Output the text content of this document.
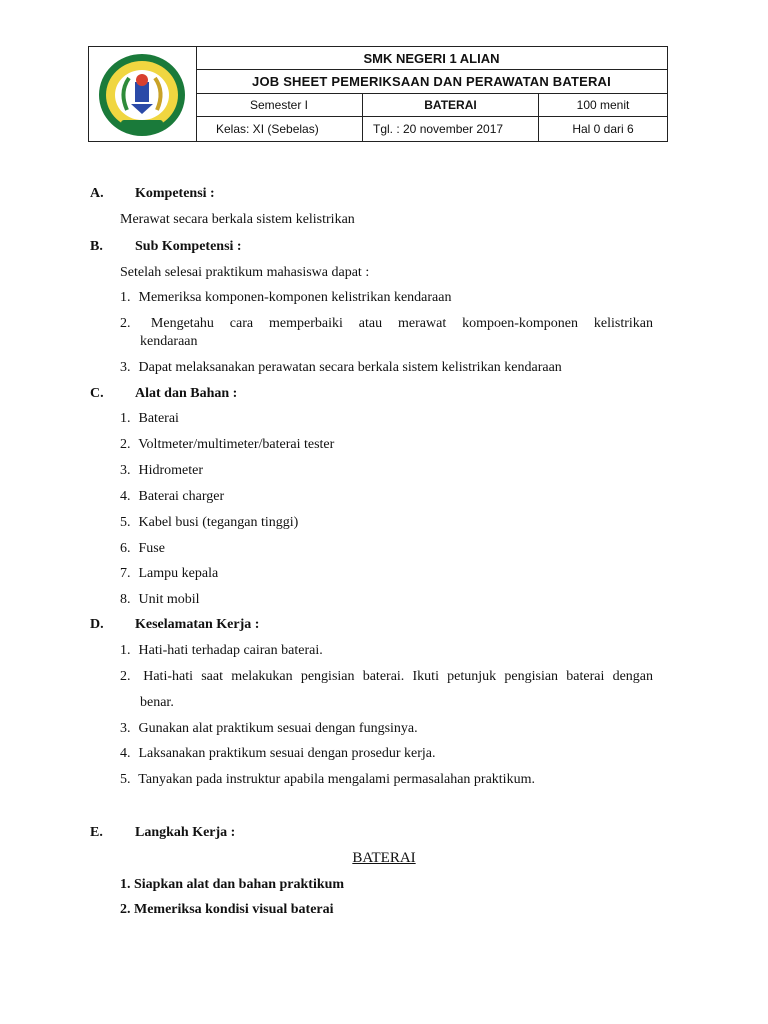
SMK NEGERI 1 ALIAN
JOB SHEET PEMERIKSAAN DAN PERAWATAN BATERAI
Semester I	BATERAI	100 menit
Kelas: XI (Sebelas)	Tgl. : 20 november 2017	Hal 0 dari 6
A. Kompetensi :
Merawat secara berkala sistem kelistrikan
B. Sub Kompetensi :
Setelah selesai praktikum mahasiswa dapat :
1. Memeriksa komponen-komponen kelistrikan kendaraan
2. Mengetahu cara memperbaiki atau merawat kompoen-komponen kelistrikan
kendaraan
3. Dapat melaksanakan perawatan secara berkala sistem kelistrikan kendaraan
C. Alat dan Bahan :
1. Baterai
2. Voltmeter/multimeter/baterai tester
3. Hidrometer
4. Baterai charger
5. Kabel busi (tegangan tinggi)
6. Fuse
7. Lampu kepala
8. Unit mobil
D. Keselamatan Kerja :
1. Hati-hati terhadap cairan baterai.
2. Hati-hati saat melakukan pengisian baterai. Ikuti petunjuk pengisian baterai dengan
benar.
3. Gunakan alat praktikum sesuai dengan fungsinya.
4. Laksanakan praktikum sesuai dengan prosedur kerja.
5. Tanyakan pada instruktur apabila mengalami permasalahan praktikum.
E. Langkah Kerja :
BATERAI
1. Siapkan alat dan bahan praktikum
2. Memeriksa kondisi visual baterai
